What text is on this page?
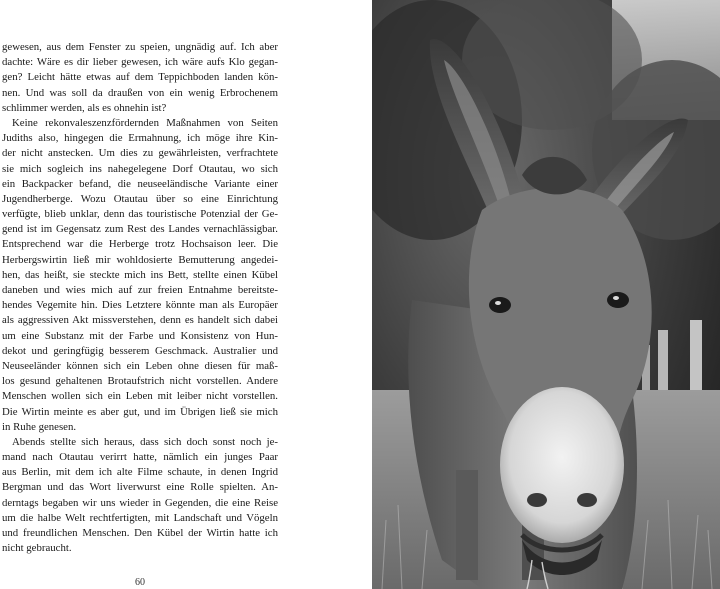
gewesen, aus dem Fenster zu speien, ungnädig auf. Ich aber
dachte: Wäre es dir lieber gewesen, ich wäre aufs Klo gegan-
gen? Leicht hätte etwas auf dem Teppichboden landen kön-
nen. Und was soll da draußen von ein wenig Erbrochenem
schlimmer werden, als es ohnehin ist?
Keine rekonvaleszenzfördernden Maßnahmen von Seiten
Judiths also, hingegen die Ermahnung, ich möge ihre Kin-
der nicht anstecken. Um dies zu gewährleisten, verfrachtete
sie mich sogleich ins nahegelegene Dorf Otautau, wo sich
ein Backpacker befand, die neuseeländische Variante einer
Jugendherberge. Wozu Otautau über so eine Einrichtung
verfügte, blieb unklar, denn das touristische Potenzial der Ge-
gend ist im Gegensatz zum Rest des Landes vernachlässigbar.
Entsprechend war die Herberge trotz Hochsaison leer. Die
Herbergswirtin ließ mir wohldosierte Bemutterung angedei-
hen, das heißt, sie steckte mich ins Bett, stellte einen Kübel
daneben und wies mich auf zur freien Entnahme bereitste-
hendes Vegemite hin. Dies Letztere könnte man als Europäer
als aggressiven Akt missverstehen, denn es handelt sich dabei
um eine Substanz mit der Farbe und Konsistenz von Hun-
dekot und geringfügig besserem Geschmack. Australier und
Neuseeländer können sich ein Leben ohne diesen für maß-
los gesund gehaltenen Brotaufstrich nicht vorstellen. Andere
Menschen wollen sich ein Leben mit leiber nicht vorstellen.
Die Wirtin meinte es aber gut, und im Übrigen ließ sie mich
in Ruhe genesen.
Abends stellte sich heraus, dass sich doch sonst noch je-
mand nach Otautau verirrt hatte, nämlich ein junges Paar
aus Berlin, mit dem ich alte Filme schaute, in denen Ingrid
Bergman und das Wort liverwurst eine Rolle spielten. An-
derntags begaben wir uns wieder in Gegenden, die eine Reise
um die halbe Welt rechtfertigten, mit Landschaft und Vögeln
und freundlichen Menschen. Den Kübel der Wirtin hatte ich
nicht gebraucht.
60
